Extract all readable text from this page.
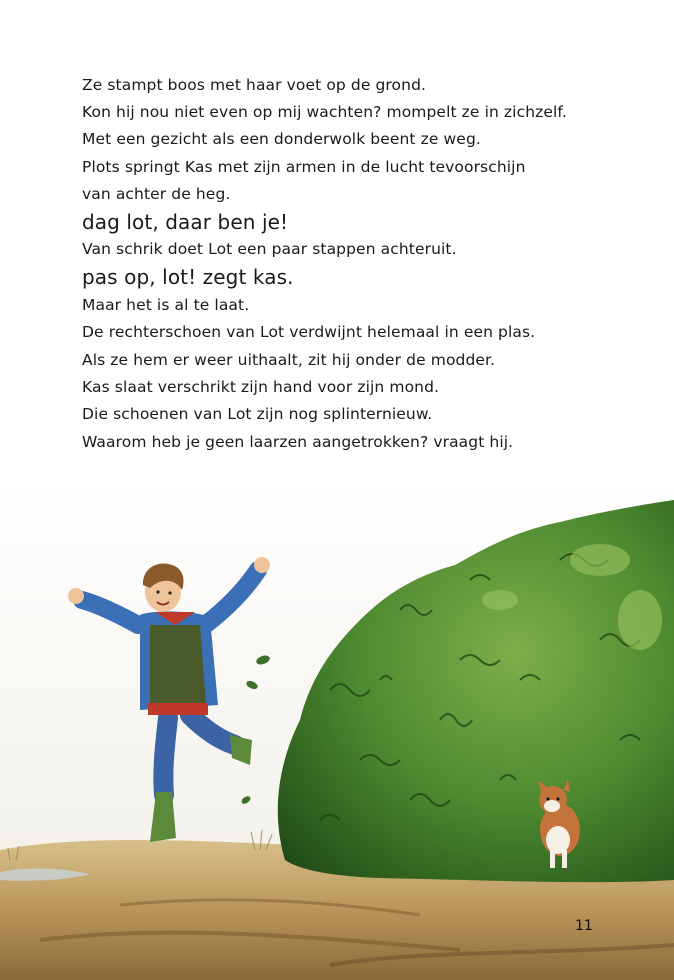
Ze stampt boos met haar voet op de grond.
Kon hij nou niet even op mij wachten? mompelt ze in zichzelf.
Met een gezicht als een donderwolk beent ze weg.
Plots springt Kas met zijn armen in de lucht tevoorschijn
van achter de heg.
dag lot, daar ben je!
Van schrik doet Lot een paar stappen achteruit.
pas op, lot! zegt kas.
Maar het is al te laat.
De rechterschoen van Lot verdwijnt helemaal in een plas.
Als ze hem er weer uithaalt, zit hij onder de modder.
Kas slaat verschrikt zijn hand voor zijn mond.
Die schoenen van Lot zijn nog splinternieuw.
Waarom heb je geen laarzen aangetrokken? vraagt hij.
11
